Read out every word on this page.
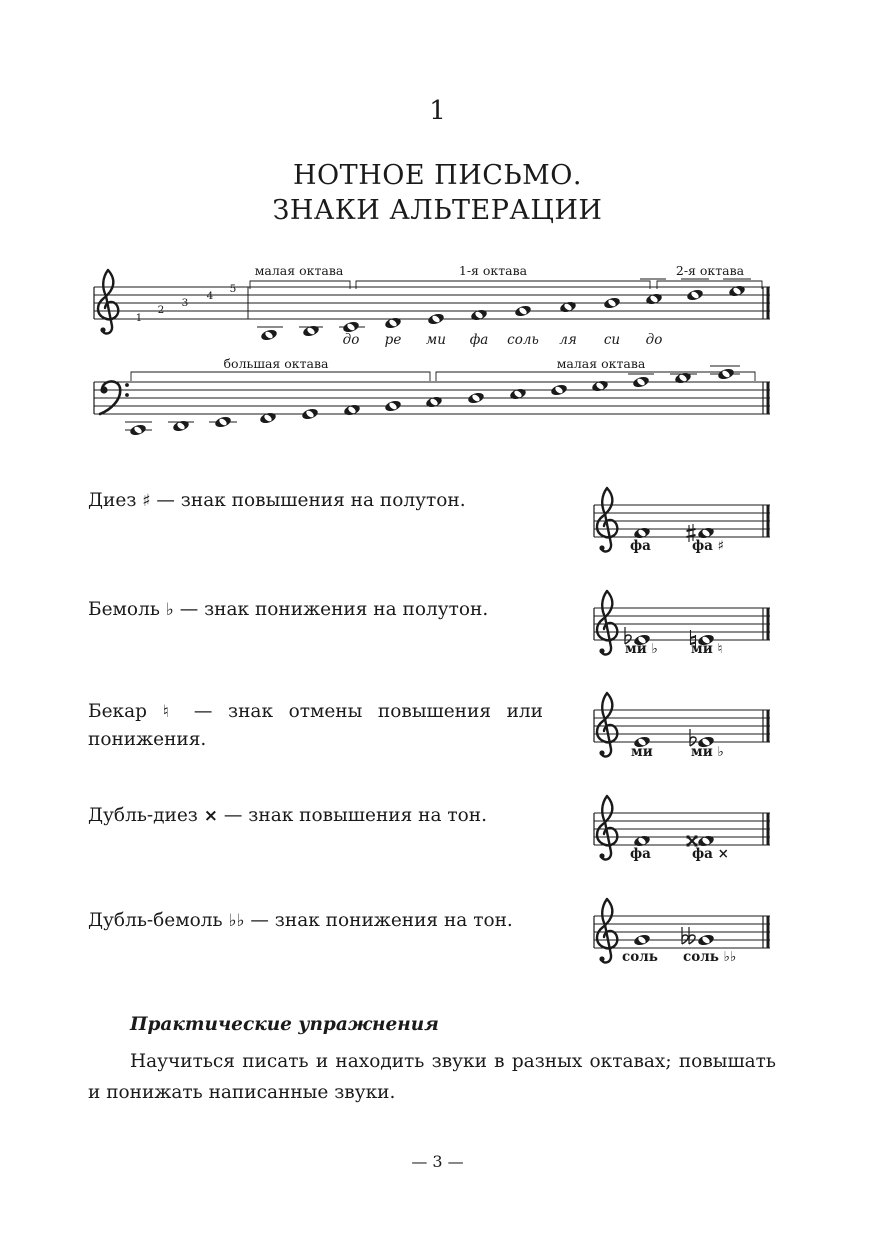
1
НОТНОЕ ПИСЬМО.
ЗНАКИ АЛЬТЕРАЦИИ
1
2
3
4
5
малая октава	1-я октава	2-я октава
до ре ми фа соль ля си до
большая октава	малая октава
Диез ♯ — знак повышения на полутон.
Бемоль ♭ — знак понижения на полутон.
Бекар ♮ — знак отмены повышения или понижения.
Дубль-диез × — знак повышения на тон.
Дубль-бемоль ♭♭ — знак понижения на тон.
фа	фа ♯
ми ♭ ми ♮
ми	ми ♭
фа	фа ×
соль соль ♭♭
Практические упражнения
Научиться писать и находить звуки в разных октавах; повышать и понижать написанные звуки.
— 3 —
